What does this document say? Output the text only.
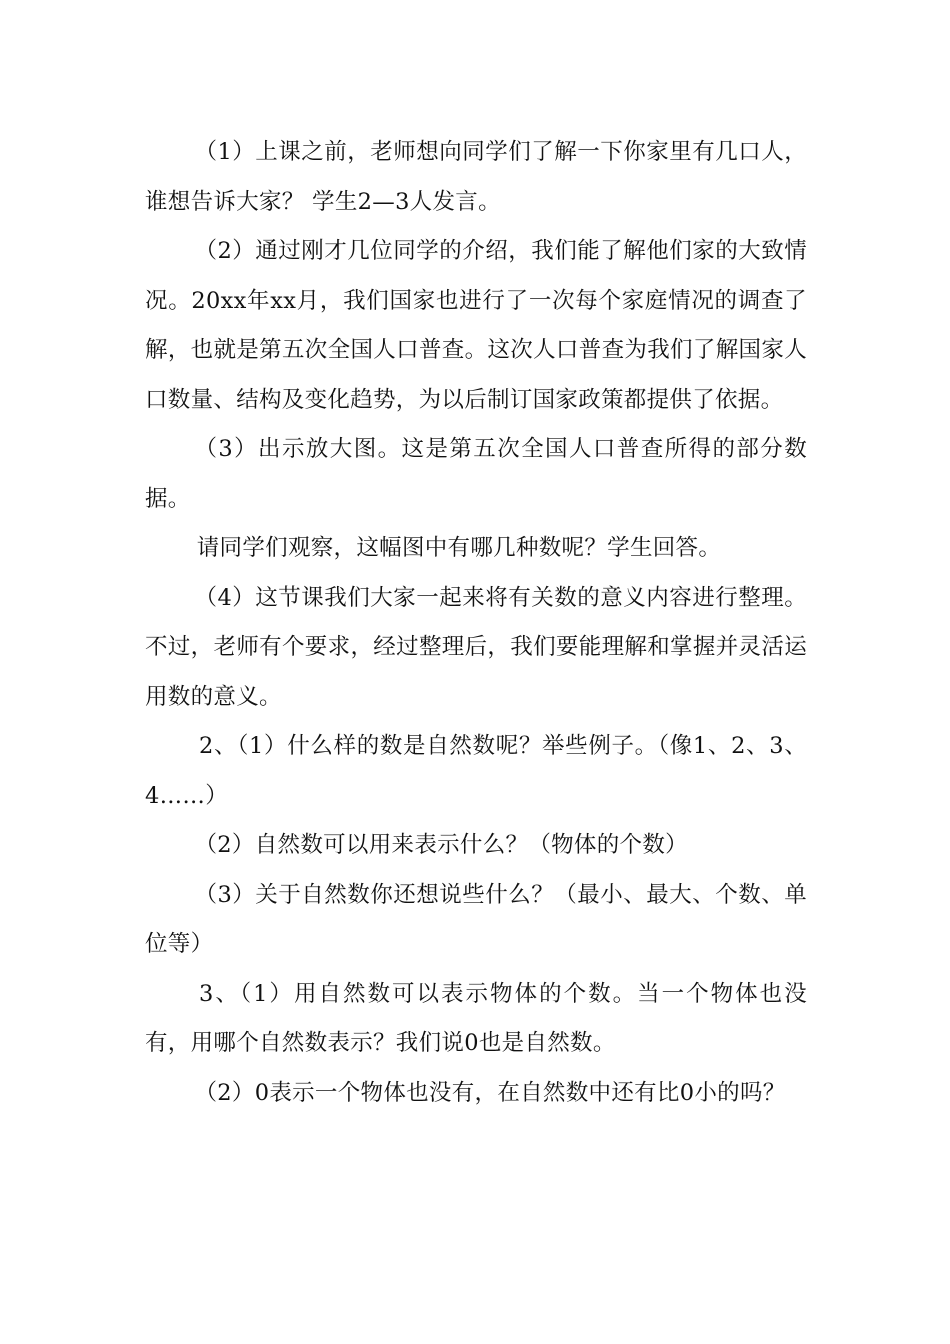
（1）上课之前，老师想向同学们了解一下你家里有几口人，谁想告诉大家？ 学生2—3人发言。

（2）通过刚才几位同学的介绍，我们能了解他们家的大致情况。20xx年xx月，我们国家也进行了一次每个家庭情况的调查了解，也就是第五次全国人口普查。这次人口普查为我们了解国家人口数量、结构及变化趋势，为以后制订国家政策都提供了依据。

（3）出示放大图。这是第五次全国人口普查所得的部分数据。

请同学们观察，这幅图中有哪几种数呢？学生回答。

（4）这节课我们大家一起来将有关数的意义内容进行整理。不过，老师有个要求，经过整理后，我们要能理解和掌握并灵活运用数的意义。

2、（1）什么样的数是自然数呢？举些例子。（像1、2、3、4……）

（2）自然数可以用来表示什么？（物体的个数）

（3）关于自然数你还想说些什么？（最小、最大、个数、单位等）

3、（1）用自然数可以表示物体的个数。当一个物体也没有，用哪个自然数表示？我们说0也是自然数。

（2）0表示一个物体也没有，在自然数中还有比0小的吗？
